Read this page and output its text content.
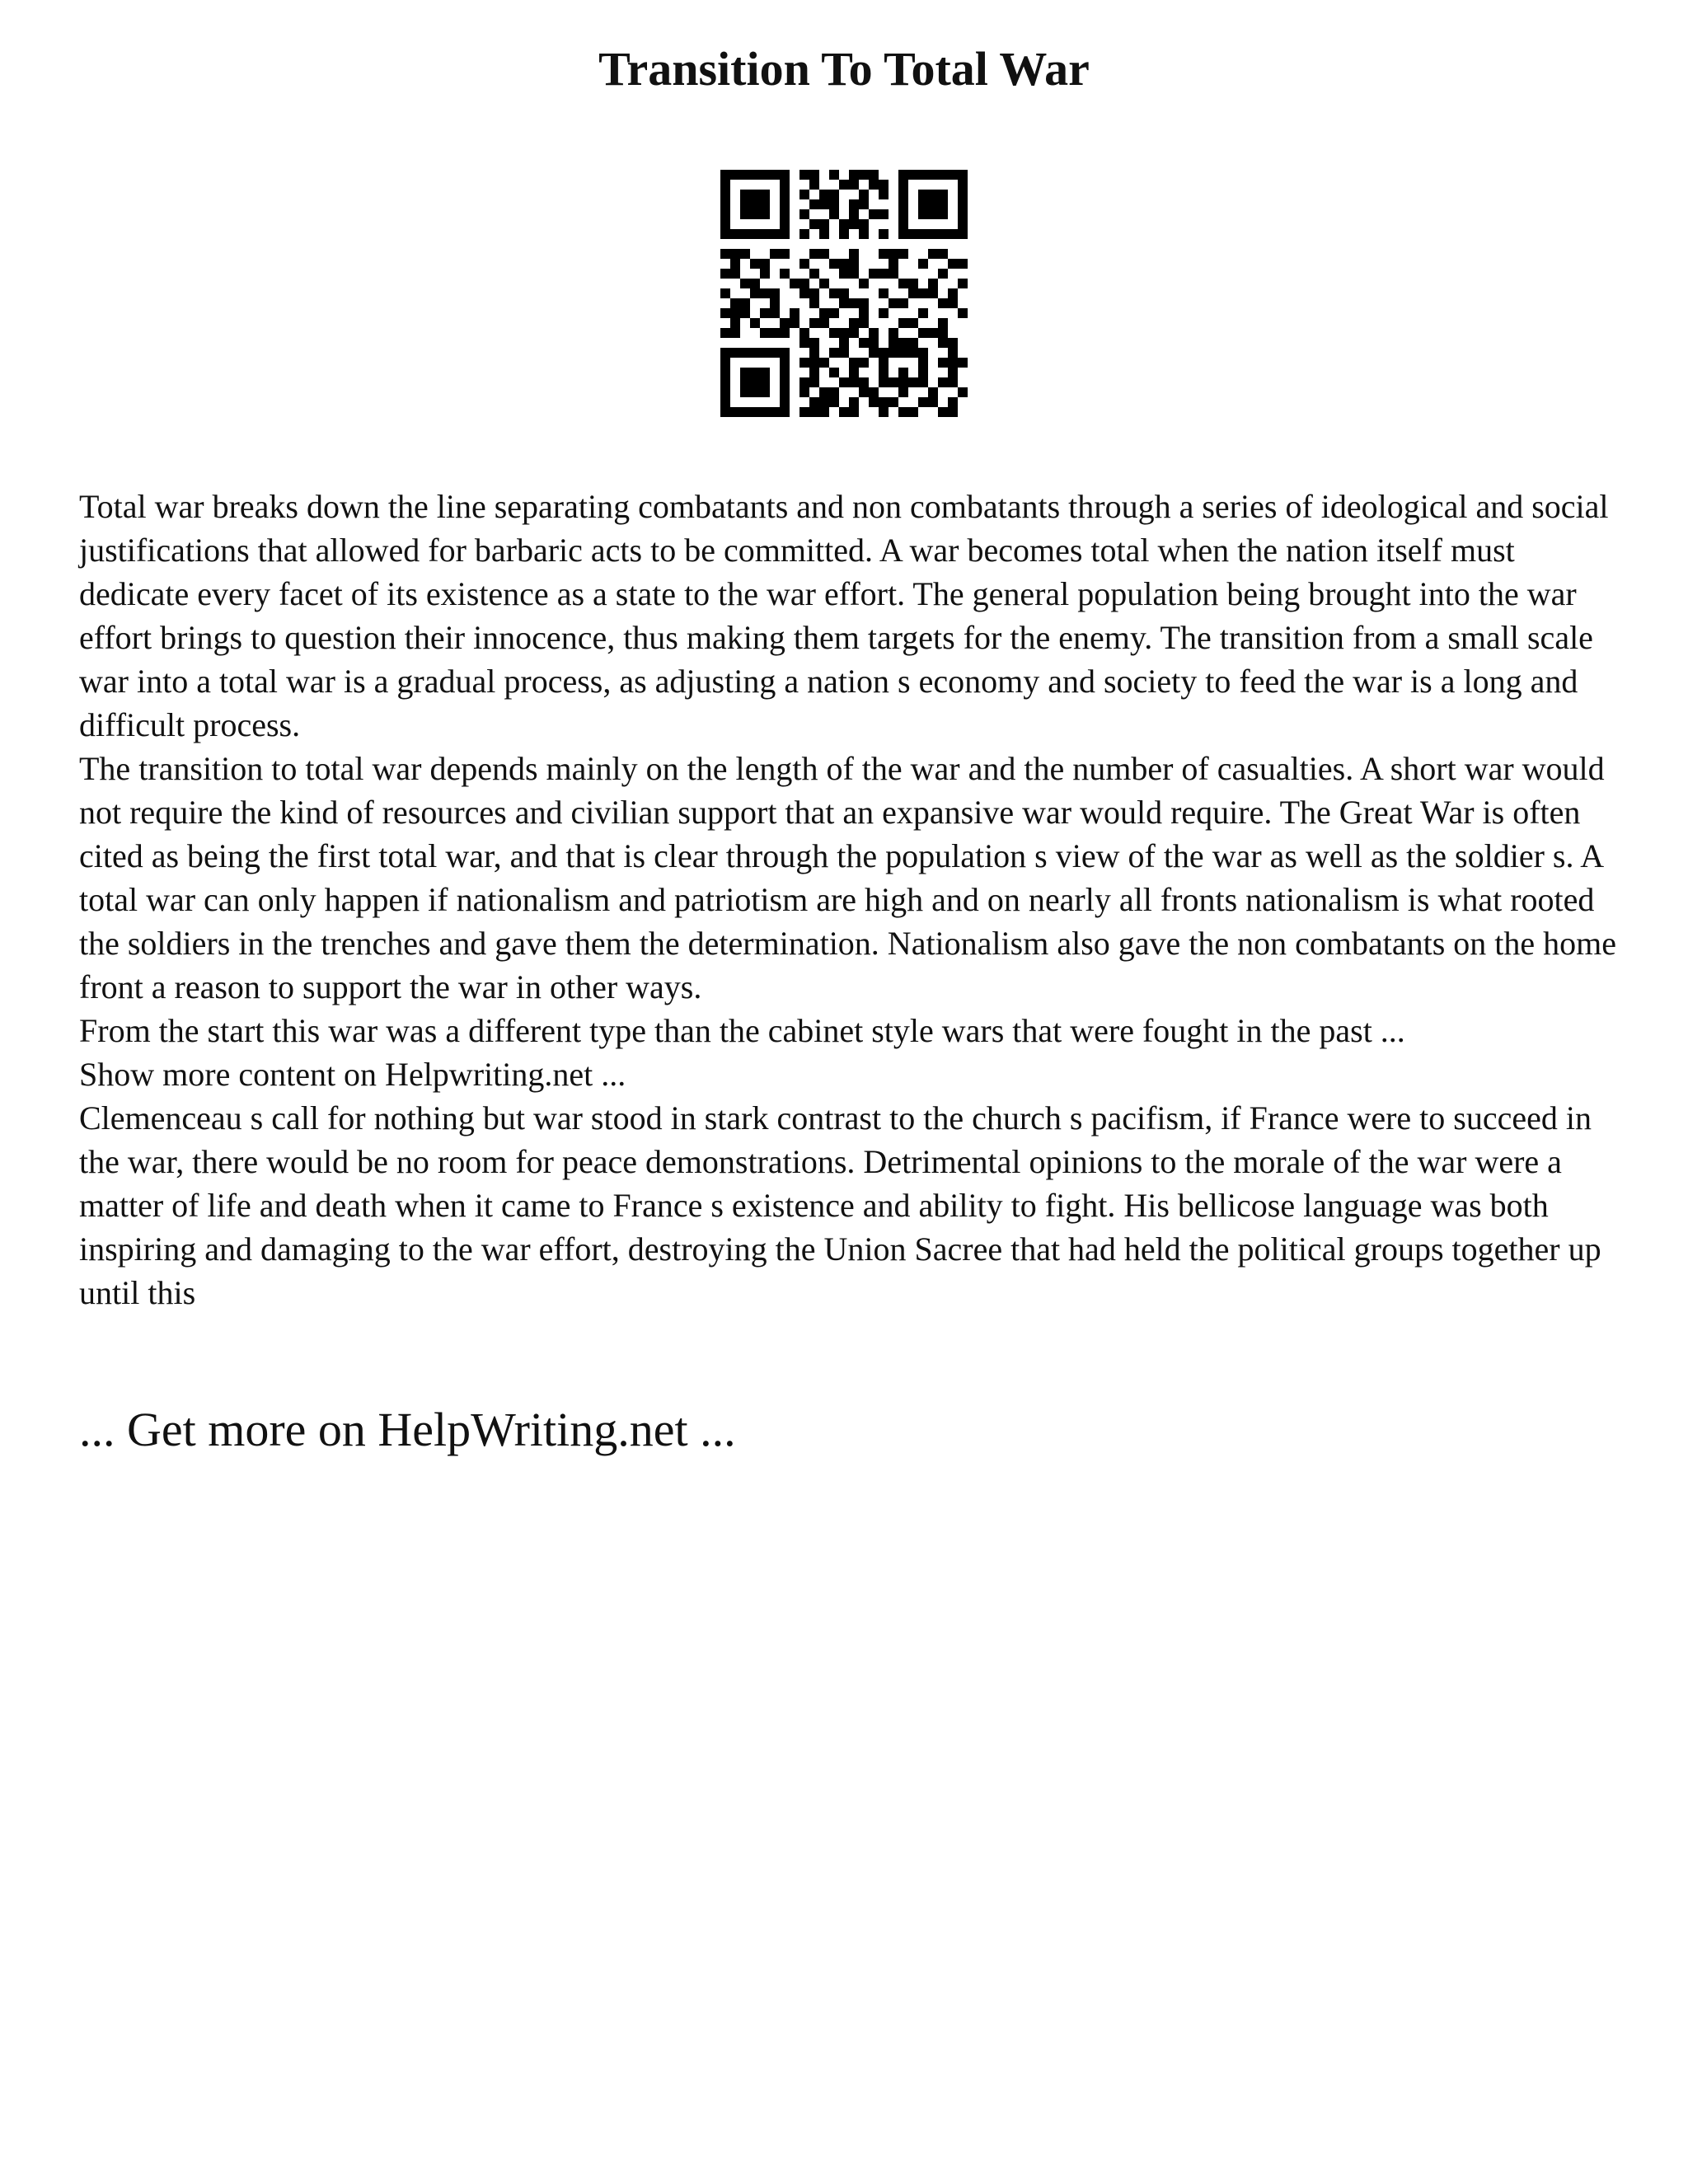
Transition To Total War

Total war breaks down the line separating combatants and non combatants through a series of ideological and social justifications that allowed for barbaric acts to be committed. A war becomes total when the nation itself must dedicate every facet of its existence as a state to the war effort. The general population being brought into the war effort brings to question their innocence, thus making them targets for the enemy. The transition from a small scale war into a total war is a gradual process, as adjusting a nation s economy and society to feed the war is a long and difficult process.

The transition to total war depends mainly on the length of the war and the number of casualties. A short war would not require the kind of resources and civilian support that an expansive war would require. The Great War is often cited as being the first total war, and that is clear through the population s view of the war as well as the soldier s. A total war can only happen if nationalism and patriotism are high and on nearly all fronts nationalism is what rooted the soldiers in the trenches and gave them the determination. Nationalism also gave the non combatants on the home front a reason to support the war in other ways.

From the start this war was a different type than the cabinet style wars that were fought in the past ...

Show more content on Helpwriting.net ...

Clemenceau s call for nothing but war stood in stark contrast to the church s pacifism, if France were to succeed in the war, there would be no room for peace demonstrations. Detrimental opinions to the morale of the war were a matter of life and death when it came to France s existence and ability to fight. His bellicose language was both inspiring and damaging to the war effort, destroying the Union Sacree that had held the political groups together up until this

... Get more on HelpWriting.net ...
